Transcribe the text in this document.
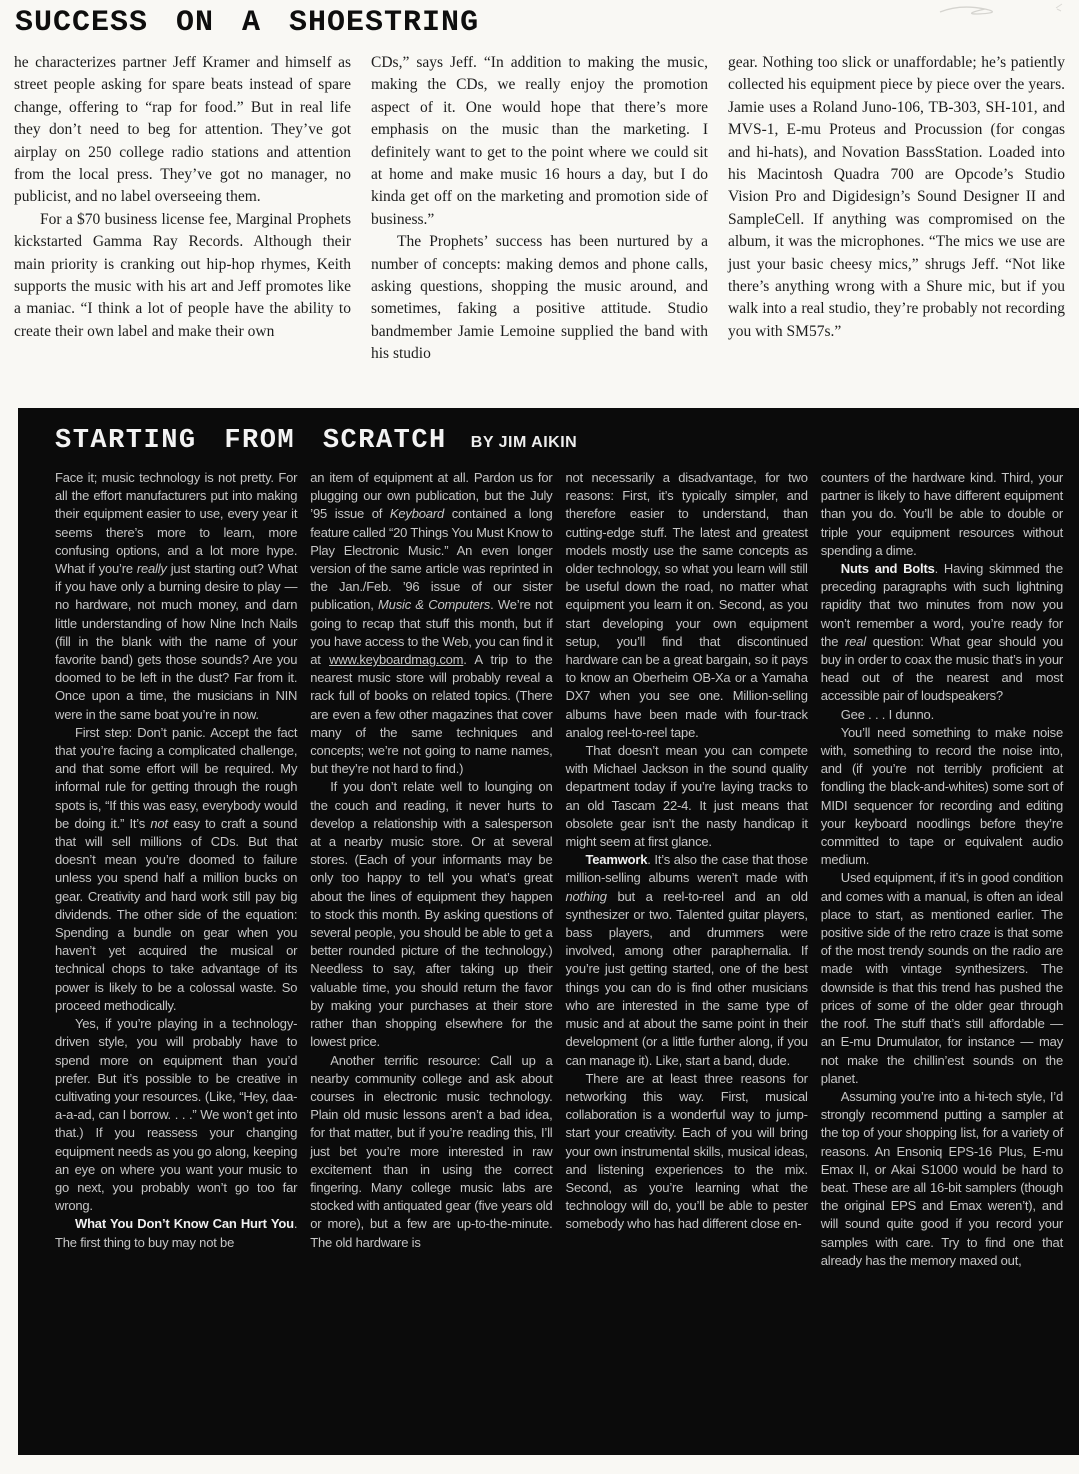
SUCCESS ON A SHOESTRING

he characterizes partner Jeff Kramer and himself as street people asking for spare beats instead of spare change, offering to “rap for food.” But in real life they don’t need to beg for attention. They’ve got airplay on 250 college radio stations and attention from the local press. They’ve got no manager, no publicist, and no label overseeing them.

For a $70 business license fee, Marginal Prophets kickstarted Gamma Ray Records. Although their main priority is cranking out hip-hop rhymes, Keith supports the music with his art and Jeff promotes like a maniac. “I think a lot of people have the ability to create their own label and make their own

CDs,” says Jeff. “In addition to making the music, making the CDs, we really enjoy the promotion aspect of it. One would hope that there’s more emphasis on the music than the marketing. I definitely want to get to the point where we could sit at home and make music 16 hours a day, but I do kinda get off on the marketing and promotion side of business.”

The Prophets’ success has been nurtured by a number of concepts: making demos and phone calls, asking questions, shopping the music around, and sometimes, faking a positive attitude. Studio bandmember Jamie Lemoine supplied the band with his studio

gear. Nothing too slick or unaffordable; he’s patiently collected his equipment piece by piece over the years. Jamie uses a Roland Juno-106, TB-303, SH-101, and MVS-1, E-mu Proteus and Procussion (for congas and hi-hats), and Novation BassStation. Loaded into his Macintosh Quadra 700 are Opcode’s Studio Vision Pro and Digidesign’s Sound Designer II and SampleCell. If anything was compromised on the album, it was the microphones. “The mics we use are just your basic cheesy mics,” shrugs Jeff. “Not like there’s anything wrong with a Shure mic, but if you walk into a real studio, they’re probably not recording you with SM57s.”

STARTING FROM SCRATCH BY JIM AIKIN

Face it; music technology is not pretty. For all the effort manufacturers put into making their equipment easier to use, every year it seems there’s more to learn, more confusing options, and a lot more hype. What if you’re really just starting out? What if you have only a burning desire to play — no hardware, not much money, and darn little understanding of how Nine Inch Nails (fill in the blank with the name of your favorite band) gets those sounds? Are you doomed to be left in the dust? Far from it. Once upon a time, the musicians in NIN were in the same boat you’re in now.

First step: Don’t panic. Accept the fact that you’re facing a complicated challenge, and that some effort will be required. My informal rule for getting through the rough spots is, “If this was easy, everybody would be doing it.” It’s not easy to craft a sound that will sell millions of CDs. But that doesn’t mean you’re doomed to failure unless you spend half a million bucks on gear. Creativity and hard work still pay big dividends. The other side of the equation: Spending a bundle on gear when you haven’t yet acquired the musical or technical chops to take advantage of its power is likely to be a colossal waste. So proceed methodically.

Yes, if you’re playing in a technology-driven style, you will probably have to spend more on equipment than you’d prefer. But it’s possible to be creative in cultivating your resources. (Like, “Hey, daa-a-a-ad, can I borrow. . . .” We won’t get into that.) If you reassess your changing equipment needs as you go along, keeping an eye on where you want your music to go next, you probably won’t go too far wrong.

What You Don’t Know Can Hurt You. The first thing to buy may not be

an item of equipment at all. Pardon us for plugging our own publication, but the July ’95 issue of Keyboard contained a long feature called “20 Things You Must Know to Play Electronic Music.” An even longer version of the same article was reprinted in the Jan./Feb. ’96 issue of our sister publication, Music & Computers. We’re not going to recap that stuff this month, but if you have access to the Web, you can find it at www.keyboardmag.com. A trip to the nearest music store will probably reveal a rack full of books on related topics. (There are even a few other magazines that cover many of the same techniques and concepts; we’re not going to name names, but they’re not hard to find.)

If you don’t relate well to lounging on the couch and reading, it never hurts to develop a relationship with a salesperson at a nearby music store. Or at several stores. (Each of your informants may be only too happy to tell you what’s great about the lines of equipment they happen to stock this month. By asking questions of several people, you should be able to get a better rounded picture of the technology.) Needless to say, after taking up their valuable time, you should return the favor by making your purchases at their store rather than shopping elsewhere for the lowest price.

Another terrific resource: Call up a nearby community college and ask about courses in electronic music technology. Plain old music lessons aren’t a bad idea, for that matter, but if you’re reading this, I’ll just bet you’re more interested in raw excitement than in using the correct fingering. Many college music labs are stocked with antiquated gear (five years old or more), but a few are up-to-the-minute. The old hardware is

not necessarily a disadvantage, for two reasons: First, it’s typically simpler, and therefore easier to understand, than cutting-edge stuff. The latest and greatest models mostly use the same concepts as older technology, so what you learn will still be useful down the road, no matter what equipment you learn it on. Second, as you start developing your own equipment setup, you’ll find that discontinued hardware can be a great bargain, so it pays to know an Oberheim OB-Xa or a Yamaha DX7 when you see one. Million-selling albums have been made with four-track analog reel-to-reel tape.

That doesn’t mean you can compete with Michael Jackson in the sound quality department today if you’re laying tracks to an old Tascam 22-4. It just means that obsolete gear isn’t the nasty handicap it might seem at first glance.

Teamwork. It’s also the case that those million-selling albums weren’t made with nothing but a reel-to-reel and an old synthesizer or two. Talented guitar players, bass players, and drummers were involved, among other paraphernalia. If you’re just getting started, one of the best things you can do is find other musicians who are interested in the same type of music and at about the same point in their development (or a little further along, if you can manage it). Like, start a band, dude.

There are at least three reasons for networking this way. First, musical collaboration is a wonderful way to jump-start your creativity. Each of you will bring your own instrumental skills, musical ideas, and listening experiences to the mix. Second, as you’re learning what the technology will do, you’ll be able to pester somebody who has had different close en-

counters of the hardware kind. Third, your partner is likely to have different equipment than you do. You’ll be able to double or triple your equipment resources without spending a dime.

Nuts and Bolts. Having skimmed the preceding paragraphs with such lightning rapidity that two minutes from now you won’t remember a word, you’re ready for the real question: What gear should you buy in order to coax the music that’s in your head out of the nearest and most accessible pair of loudspeakers?

Gee . . . I dunno.

You’ll need something to make noise with, something to record the noise into, and (if you’re not terribly proficient at fondling the black-and-whites) some sort of MIDI sequencer for recording and editing your keyboard noodlings before they’re committed to tape or equivalent audio medium.

Used equipment, if it’s in good condition and comes with a manual, is often an ideal place to start, as mentioned earlier. The positive side of the retro craze is that some of the most trendy sounds on the radio are made with vintage synthesizers. The downside is that this trend has pushed the prices of some of the older gear through the roof. The stuff that’s still affordable — an E-mu Drumulator, for instance — may not make the chillin’est sounds on the planet.

Assuming you’re into a hi-tech style, I’d strongly recommend putting a sampler at the top of your shopping list, for a variety of reasons. An Ensoniq EPS-16 Plus, E-mu Emax II, or Akai S1000 would be hard to beat. These are all 16-bit samplers (though the original EPS and Emax weren’t), and will sound quite good if you record your samples with care. Try to find one that already has the memory maxed out,
